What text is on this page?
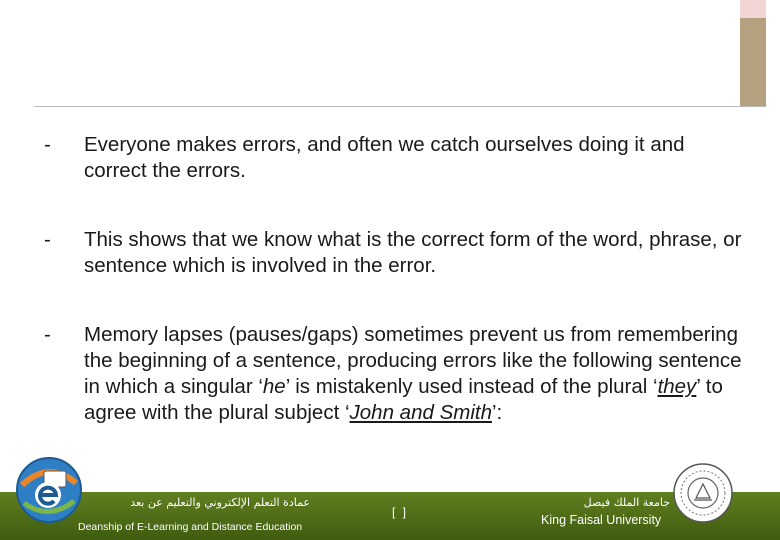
-	Everyone makes errors, and often we catch ourselves doing it and correct the errors.
-	This shows that we know what is the correct form of the word, phrase, or sentence which is involved in the error.
-	Memory lapses (pauses/gaps) sometimes prevent us from remembering the beginning of a sentence, producing errors like the following sentence in which a singular ‘he’ is mistakenly used instead of the plural ‘they’ to agree with the plural subject ‘John and Smith’:
عمادة التعلم الإلكتروني والتعليم عن بعد
Deanship of E-Learning and Distance Education
[ ]
جامعة الملك فيصل
King Faisal University
